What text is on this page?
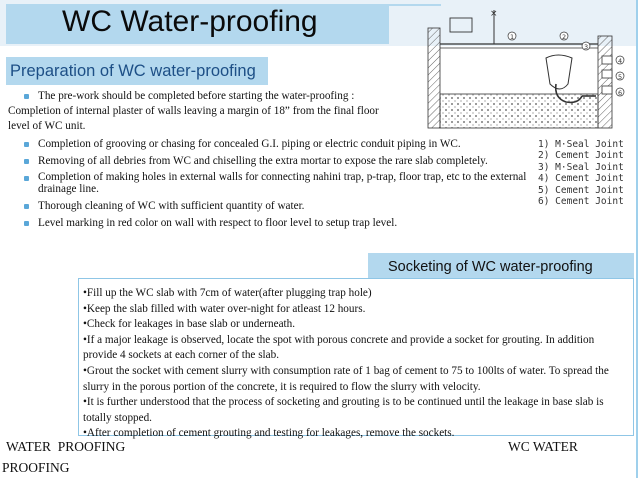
WC Water-proofing
Preparation of WC water-proofing
×
1	2
3
4
5
6
1) M·Seal Joint
2) Cement Joint
3) M·Seal Joint
4) Cement Joint
5) Cement Joint
6) Cement Joint

The pre-work should be completed before starting the water-proofing :

Completion of internal plaster of walls leaving a margin of 18” from the final floor

level of WC unit.

Completion of grooving or chasing for concealed G.I. piping or electric conduit piping in WC.

Removing of all debries from WC and chiselling the extra mortar to expose the rare slab completely.

Completion of making holes in external walls for connecting nahini trap, p-trap, floor trap, etc to the external drainage line.

Thorough cleaning of WC with sufficient quantity of water.

Level marking in red color on wall with respect to floor level to setup trap level.

Socketing of WC water-proofing

•Fill up the WC slab with 7cm of water(after plugging trap hole)

•Keep the slab filled with water over-night for atleast 12 hours.

•Check for leakages in base slab or underneath.

•If a major leakage is observed, locate the spot with porous concrete and provide a socket for grouting. In addition provide 4 sockets at each corner of the slab.

•Grout the socket with cement slurry with consumption rate of 1 bag of cement to 75 to 100lts of water. To spread the slurry in the porous portion of the concrete, it is required to flow the slurry with velocity.

•It is further understood that the process of socketing and grouting is to be continued until the leakage in base slab is totally stopped.

•After completion of cement grouting and testing for leakages, remove the sockets.

WATER  PROOFING	WC WATER
PROOFING
